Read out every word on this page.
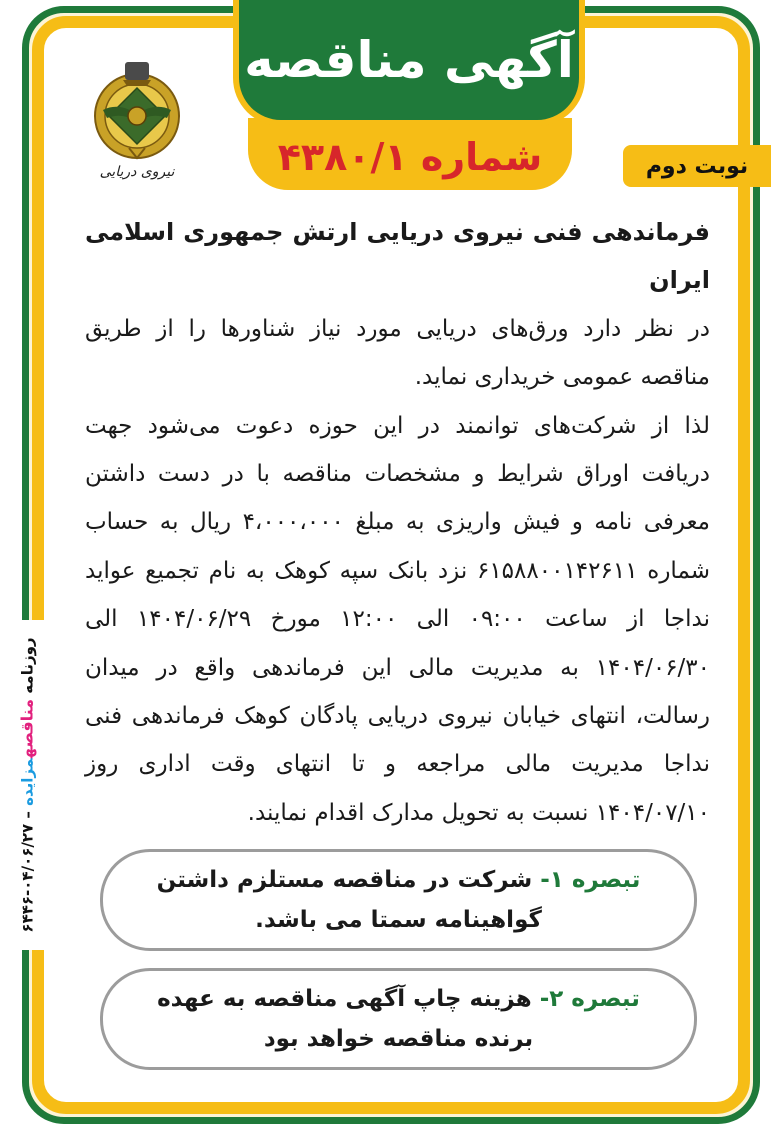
آگهی مناقصه
شماره ۴۳۸۰/۱	نوبت دوم
نیروی دریایی

فرماندهی فنی نیروی دریایی ارتش جمهوری اسلامی ایران

در نظر دارد ورق‌های دریایی مورد نیاز شناورها را از طریق مناقصه عمومی خریداری نماید.

لذا از شرکت‌های توانمند در این حوزه دعوت می‌شود جهت دریافت اوراق شرایط و مشخصات مناقصه با در دست داشتن معرفی نامه و فیش واریزی به مبلغ ۴،۰۰۰،۰۰۰ ریال به حساب شماره ۶۱۵۸۸۰۰۱۴۲۶۱۱ نزد بانک سپه کوهک به نام تجمیع عواید نداجا از ساعت ۰۹:۰۰ الی ۱۲:۰۰ مورخ ۱۴۰۴/۰۶/۲۹ الی ۱۴۰۴/۰۶/۳۰ به مدیریت مالی این فرماندهی واقع در میدان رسالت، انتهای خیابان نیروی دریایی پادگان کوهک فرماندهی فنی نداجا مدیریت مالی مراجعه و تا انتهای وقت اداری روز ۱۴۰۴/۰۷/۱۰ نسبت به تحویل مدارک اقدام نمایند.

تبصره ۱- شرکت در مناقصه مستلزم داشتن گواهینامه سمتا می باشد.
تبصره ۲- هزینه چاپ آگهی مناقصه به عهده برنده مناقصه خواهد بود
روزنامه مناقصهمزایده – ۰۴/۰۶/۲۷-۶۴۴۶
